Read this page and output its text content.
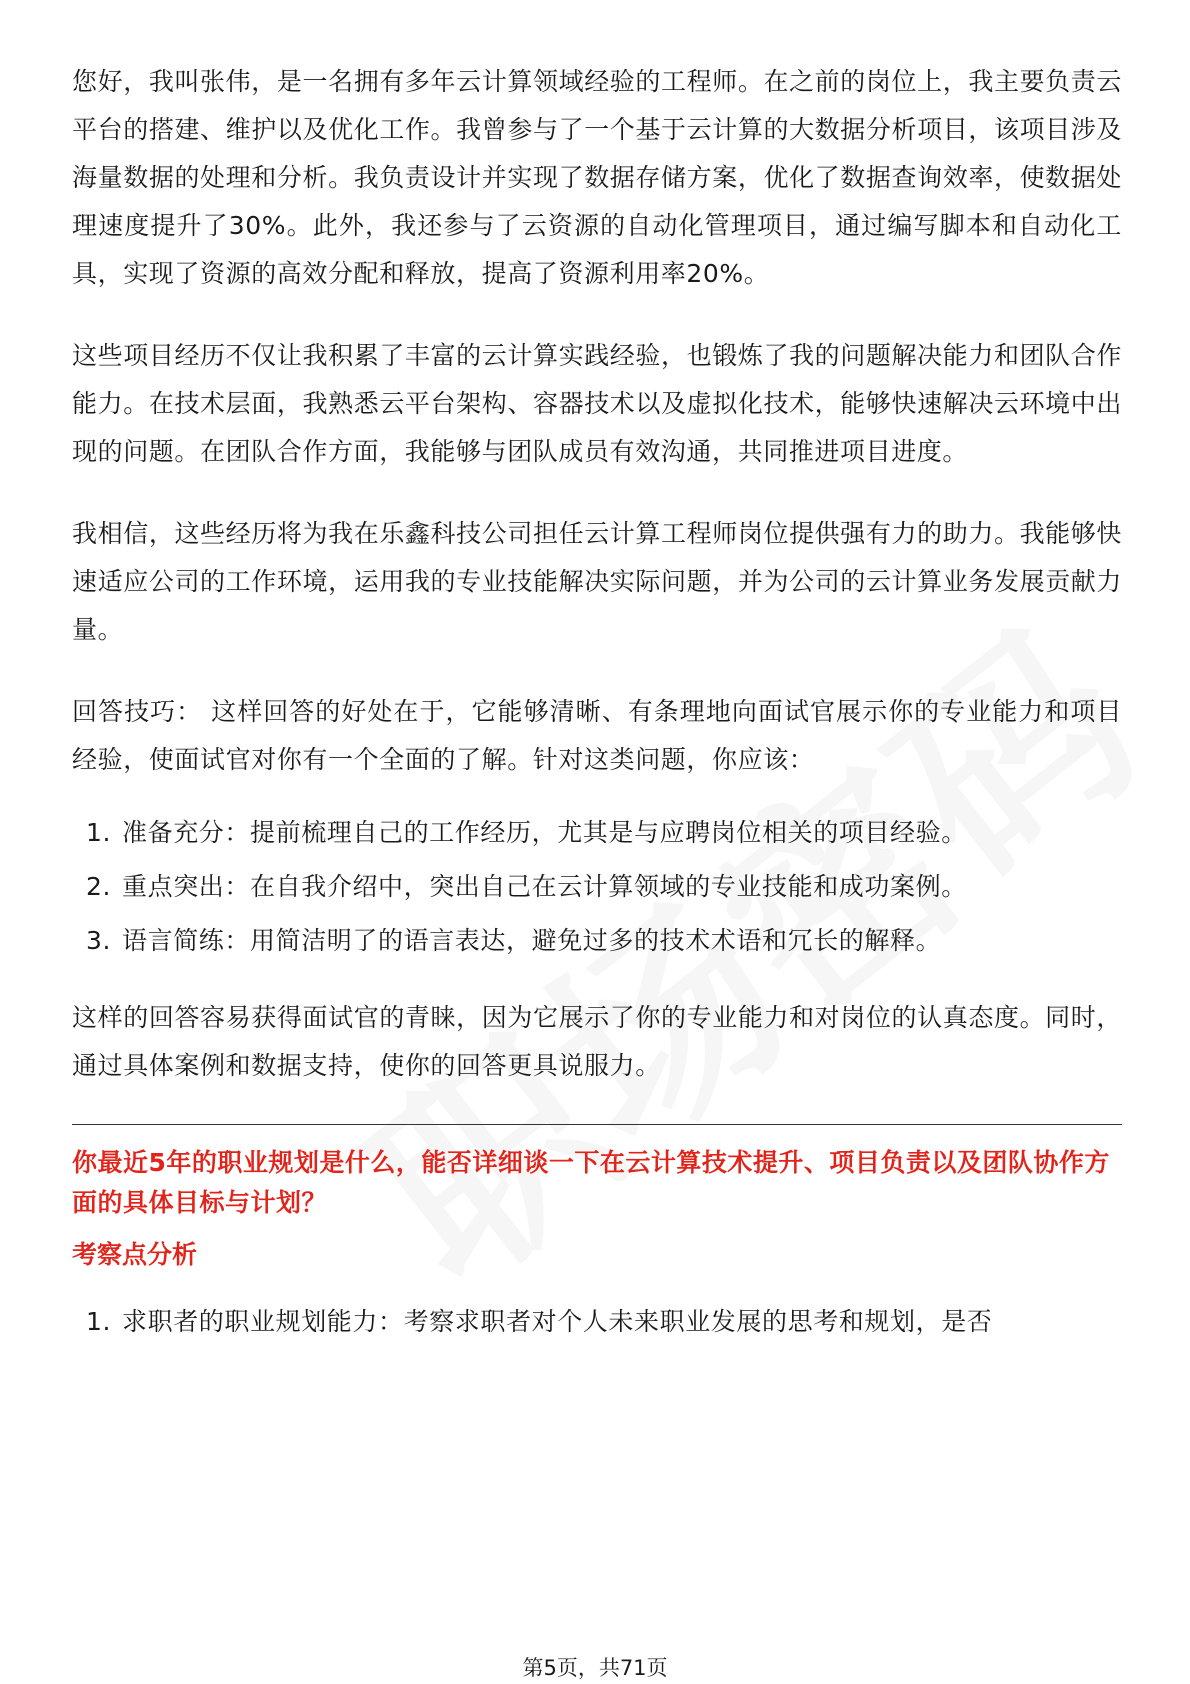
您好，我叫张伟，是一名拥有多年云计算领域经验的工程师。在之前的岗位上，我主要负责云平台的搭建、维护以及优化工作。我曾参与了一个基于云计算的大数据分析项目，该项目涉及海量数据的处理和分析。我负责设计并实现了数据存储方案，优化了数据查询效率，使数据处理速度提升了30%。此外，我还参与了云资源的自动化管理项目，通过编写脚本和自动化工具，实现了资源的高效分配和释放，提高了资源利用率20%。

这些项目经历不仅让我积累了丰富的云计算实践经验，也锻炼了我的问题解决能力和团队合作能力。在技术层面，我熟悉云平台架构、容器技术以及虚拟化技术，能够快速解决云环境中出现的问题。在团队合作方面，我能够与团队成员有效沟通，共同推进项目进度。

我相信，这些经历将为我在乐鑫科技公司担任云计算工程师岗位提供强有力的助力。我能够快速适应公司的工作环境，运用我的专业技能解决实际问题，并为公司的云计算业务发展贡献力量。

回答技巧： 这样回答的好处在于，它能够清晰、有条理地向面试官展示你的专业能力和项目经验，使面试官对你有一个全面的了解。针对这类问题，你应该：

1. 准备充分：提前梳理自己的工作经历，尤其是与应聘岗位相关的项目经验。
2. 重点突出：在自我介绍中，突出自己在云计算领域的专业技能和成功案例。
3. 语言简练：用简洁明了的语言表达，避免过多的技术术语和冗长的解释。

这样的回答容易获得面试官的青睐，因为它展示了你的专业能力和对岗位的认真态度。同时，通过具体案例和数据支持，使你的回答更具说服力。

你最近5年的职业规划是什么，能否详细谈一下在云计算技术提升、项目负责以及团队协作方面的具体目标与计划？
考察点分析
1. 求职者的职业规划能力：考察求职者对个人未来职业发展的思考和规划，是否
第5页，共71页
